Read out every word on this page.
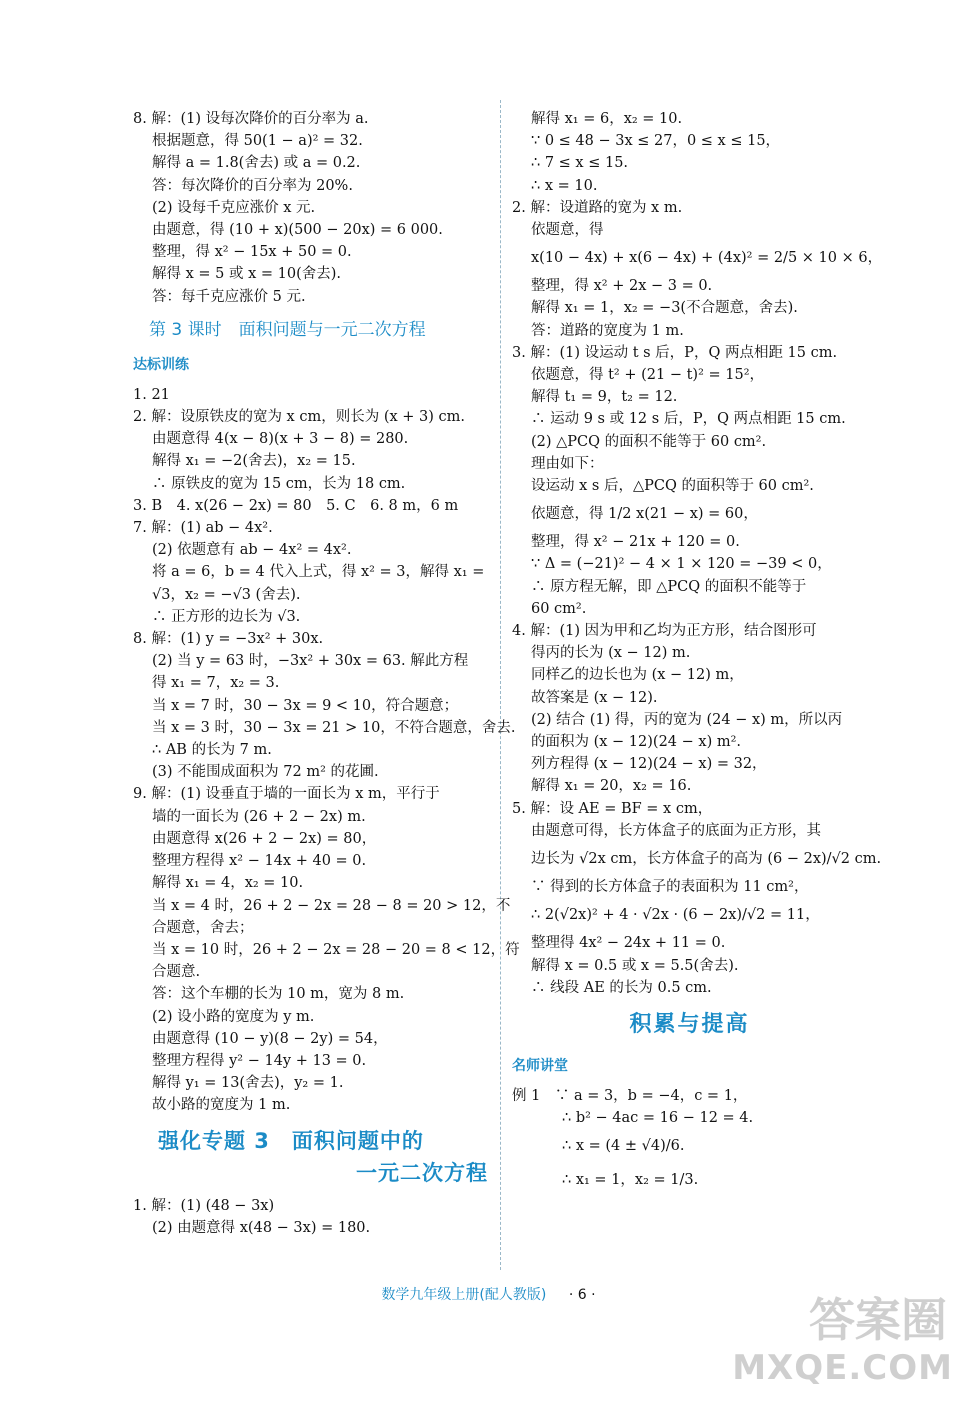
8. 解：(1) 设每次降价的百分率为 a.
根据题意，得 50(1 − a)² = 32.
解得 a = 1.8(舍去) 或 a = 0.2.
答：每次降价的百分率为 20%.
(2) 设每千克应涨价 x 元.
由题意，得 (10 + x)(500 − 20x) = 6 000.
整理，得 x² − 15x + 50 = 0.
解得 x = 5 或 x = 10(舍去).
答：每千克应涨价 5 元.
第 3 课时　面积问题与一元二次方程
达标训练
1. 21
2. 解：设原铁皮的宽为 x cm，则长为 (x + 3) cm.
由题意得 4(x − 8)(x + 3 − 8) = 280.
解得 x₁ = −2(舍去)，x₂ = 15.
∴ 原铁皮的宽为 15 cm，长为 18 cm.
3. B　4. x(26 − 2x) = 80　5. C　6. 8 m，6 m
7. 解：(1) ab − 4x².
(2) 依题意有 ab − 4x² = 4x².
将 a = 6，b = 4 代入上式，得 x² = 3，解得 x₁ =
√3，x₂ = −√3 (舍去).
∴ 正方形的边长为 √3.
8. 解：(1) y = −3x² + 30x.
(2) 当 y = 63 时，−3x² + 30x = 63. 解此方程
得 x₁ = 7，x₂ = 3.
当 x = 7 时，30 − 3x = 9 < 10，符合题意；
当 x = 3 时，30 − 3x = 21 > 10，不符合题意，舍去.
∴ AB 的长为 7 m.
(3) 不能围成面积为 72 m² 的花圃.
9. 解：(1) 设垂直于墙的一面长为 x m，平行于
墙的一面长为 (26 + 2 − 2x) m.
由题意得 x(26 + 2 − 2x) = 80，
整理方程得 x² − 14x + 40 = 0.
解得 x₁ = 4，x₂ = 10.
当 x = 4 时，26 + 2 − 2x = 28 − 8 = 20 > 12，不
合题意，舍去；
当 x = 10 时，26 + 2 − 2x = 28 − 20 = 8 < 12，符
合题意.
答：这个车棚的长为 10 m，宽为 8 m.
(2) 设小路的宽度为 y m.
由题意得 (10 − y)(8 − 2y) = 54，
整理方程得 y² − 14y + 13 = 0.
解得 y₁ = 13(舍去)，y₂ = 1.
故小路的宽度为 1 m.
强化专题 3　面积问题中的
一元二次方程
1. 解：(1) (48 − 3x)
(2) 由题意得 x(48 − 3x) = 180.
解得 x₁ = 6，x₂ = 10.
∵ 0 ≤ 48 − 3x ≤ 27，0 ≤ x ≤ 15，
∴ 7 ≤ x ≤ 15.
∴ x = 10.
2. 解：设道路的宽为 x m.
依题意，得
x(10 − 4x) + x(6 − 4x) + (4x)² = 2/5 × 10 × 6，
整理，得 x² + 2x − 3 = 0.
解得 x₁ = 1，x₂ = −3(不合题意，舍去).
答：道路的宽度为 1 m.
3. 解：(1) 设运动 t s 后，P，Q 两点相距 15 cm.
依题意，得 t² + (21 − t)² = 15²，
解得 t₁ = 9，t₂ = 12.
∴ 运动 9 s 或 12 s 后，P，Q 两点相距 15 cm.
(2) △PCQ 的面积不能等于 60 cm².
理由如下：
设运动 x s 后，△PCQ 的面积等于 60 cm².
依题意，得 1/2 x(21 − x) = 60，
整理，得 x² − 21x + 120 = 0.
∵ Δ = (−21)² − 4 × 1 × 120 = −39 < 0，
∴ 原方程无解，即 △PCQ 的面积不能等于
60 cm².
4. 解：(1) 因为甲和乙均为正方形，结合图形可
得丙的长为 (x − 12) m.
同样乙的边长也为 (x − 12) m，
故答案是 (x − 12).
(2) 结合 (1) 得，丙的宽为 (24 − x) m，所以丙
的面积为 (x − 12)(24 − x) m².
列方程得 (x − 12)(24 − x) = 32，
解得 x₁ = 20，x₂ = 16.
5. 解：设 AE = BF = x cm，
由题意可得，长方体盒子的底面为正方形，其
边长为 √2x cm，长方体盒子的高为 (6 − 2x)/√2 cm.
∵ 得到的长方体盒子的表面积为 11 cm²，
∴ 2(√2x)² + 4 · √2x · (6 − 2x)/√2 = 11，
整理得 4x² − 24x + 11 = 0.
解得 x = 0.5 或 x = 5.5(舍去).
∴ 线段 AE 的长为 0.5 cm.
积累与提高
名师讲堂
例 1　∵ a = 3，b = −4，c = 1，
∴ b² − 4ac = 16 − 12 = 4.
∴ x = (4 ± √4)/6.
∴ x₁ = 1，x₂ = 1/3.
数学九年级上册(配人教版) · 6 ·	答案圈
MXQE.COM
